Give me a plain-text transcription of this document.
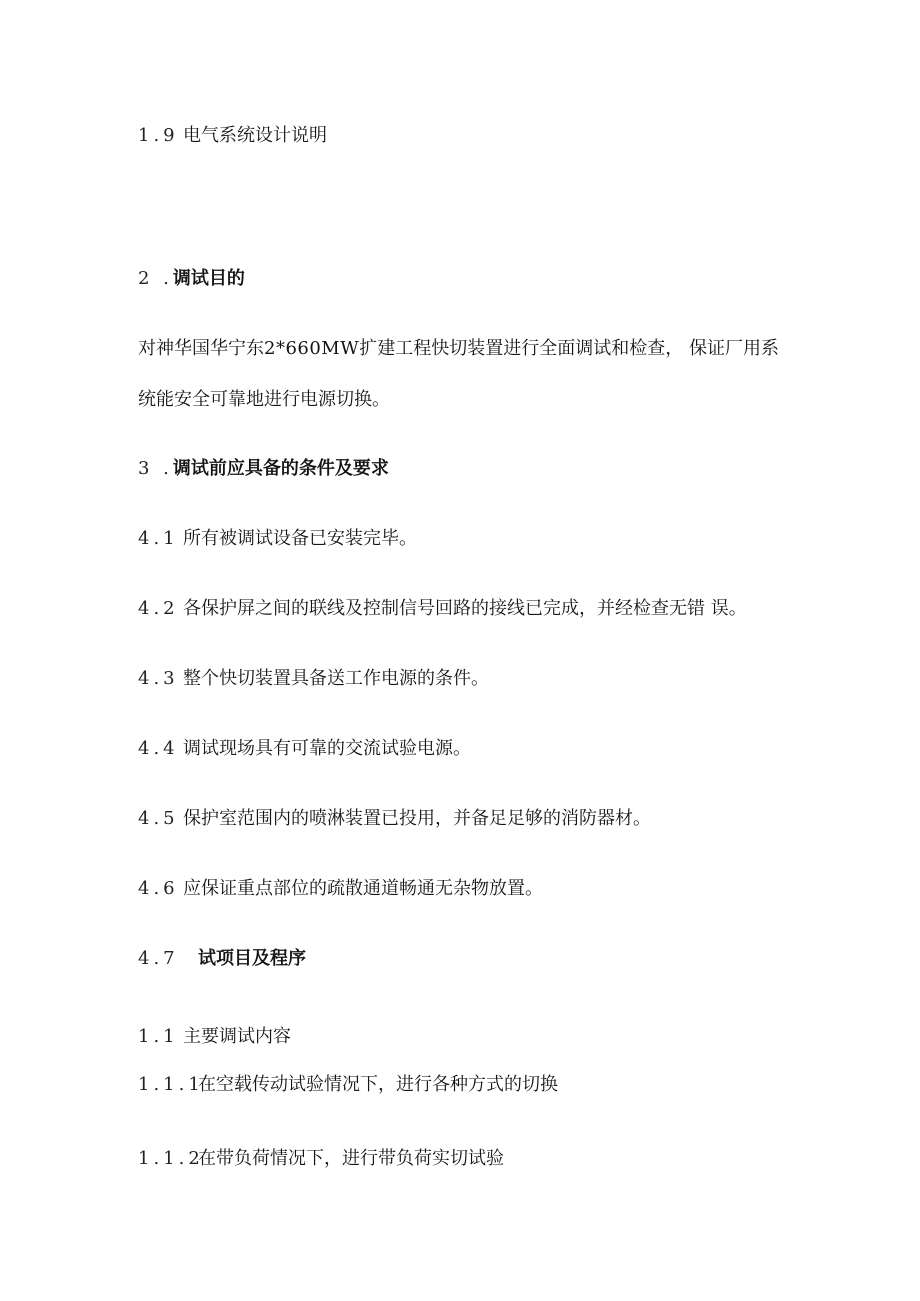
1.9 电气系统设计说明
2 .调试目的
对神华国华宁东2*660MW扩建工程快切装置进行全面调试和检查， 保证厂用系
统能安全可靠地进行电源切换。
3 .调试前应具备的条件及要求
4.1 所有被调试设备已安装完毕。
4.2 各保护屏之间的联线及控制信号回路的接线已完成，并经检查无错 误。
4.3 整个快切装置具备送工作电源的条件。
4.4 调试现场具有可靠的交流试验电源。
4.5 保护室范围内的喷淋装置已投用，并备足足够的消防器材。
4.6 应保证重点部位的疏散通道畅通无杂物放置。
4.7 试项目及程序
1.1 主要调试内容
1.1.1在空载传动试验情况下，进行各种方式的切换
1.1.2在带负荷情况下，进行带负荷实切试验
